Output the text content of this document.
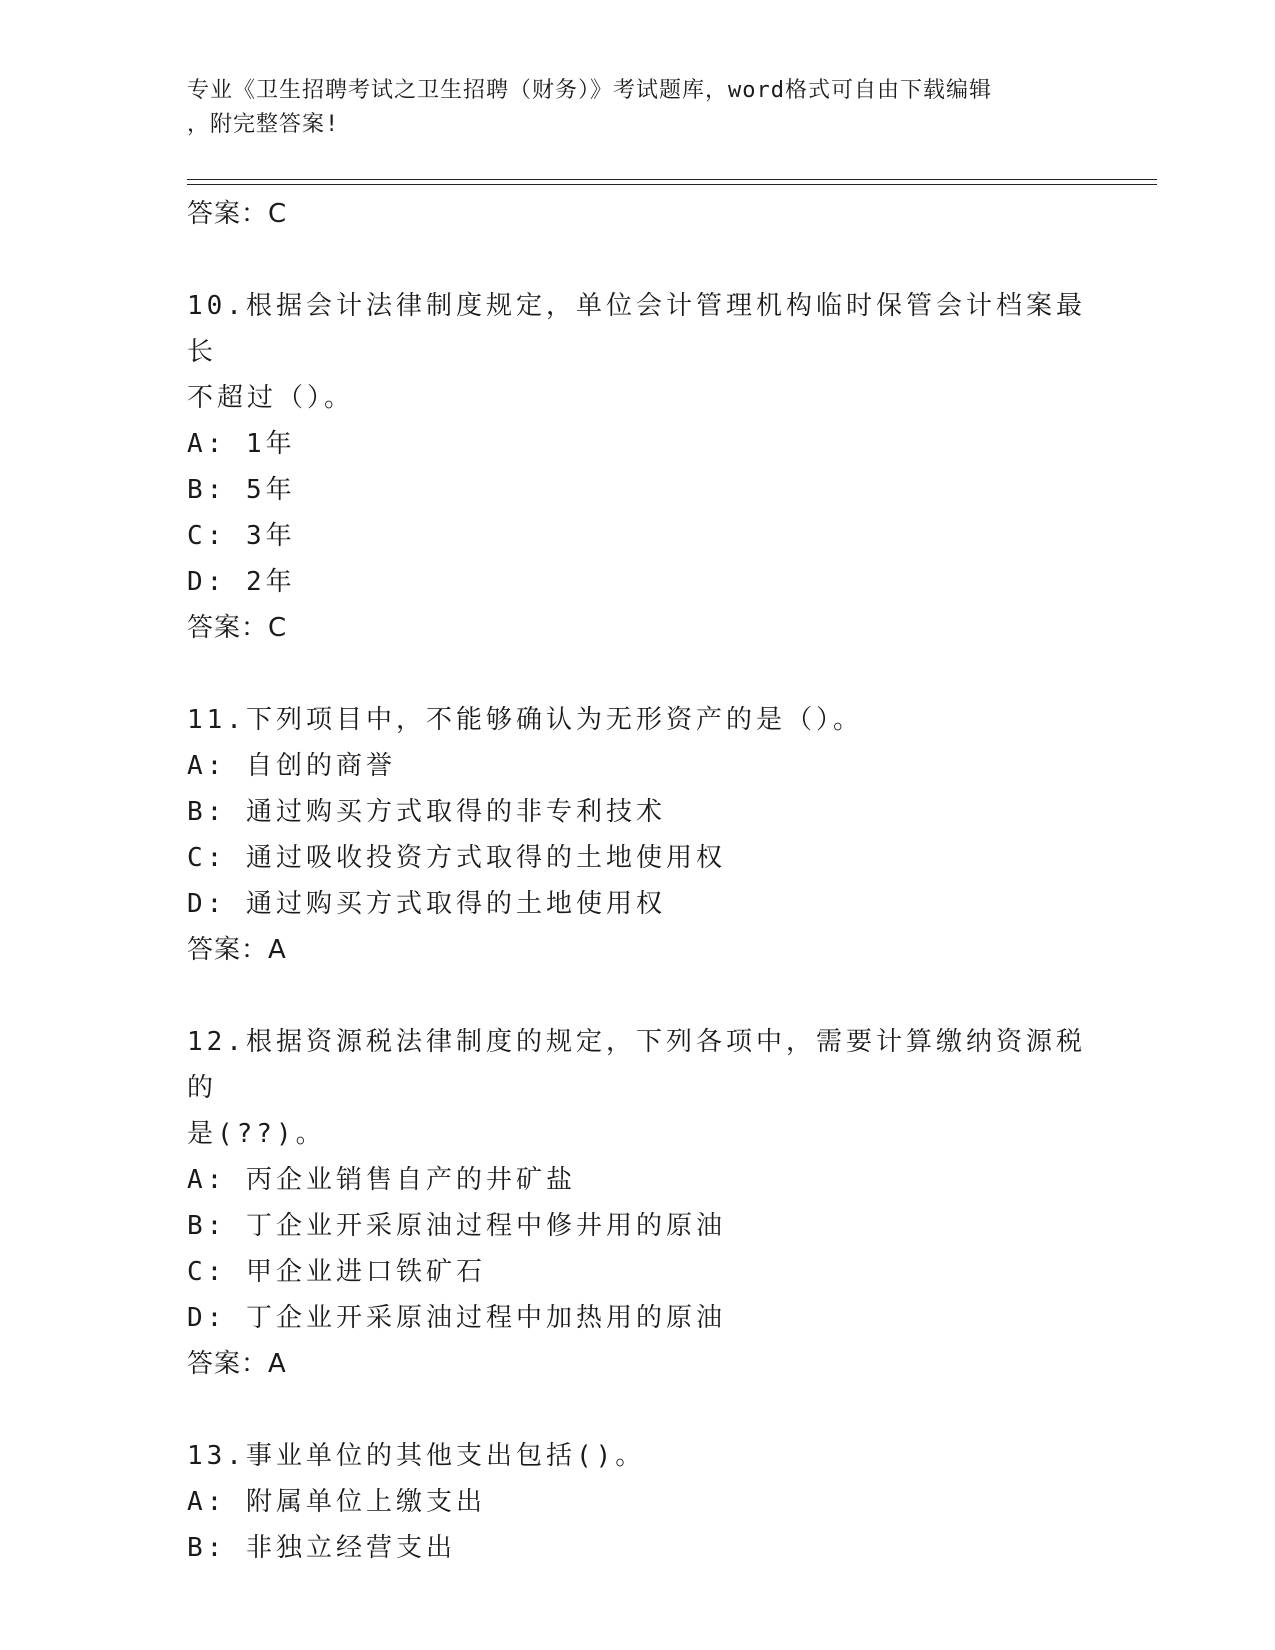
专业《卫生招聘考试之卫生招聘（财务）》考试题库，word格式可自由下载编辑
，附完整答案!
答案：C
10.根据会计法律制度规定，单位会计管理机构临时保管会计档案最长
不超过（）。
A: 1年
B: 5年
C: 3年
D: 2年
答案：C
11.下列项目中，不能够确认为无形资产的是（）。
A: 自创的商誉
B: 通过购买方式取得的非专利技术
C: 通过吸收投资方式取得的土地使用权
D: 通过购买方式取得的土地使用权
答案：A
12.根据资源税法律制度的规定，下列各项中，需要计算缴纳资源税的
是(??)。
A: 丙企业销售自产的井矿盐
B: 丁企业开采原油过程中修井用的原油
C: 甲企业进口铁矿石
D: 丁企业开采原油过程中加热用的原油
答案：A
13.事业单位的其他支出包括()。
A: 附属单位上缴支出
B: 非独立经营支出
